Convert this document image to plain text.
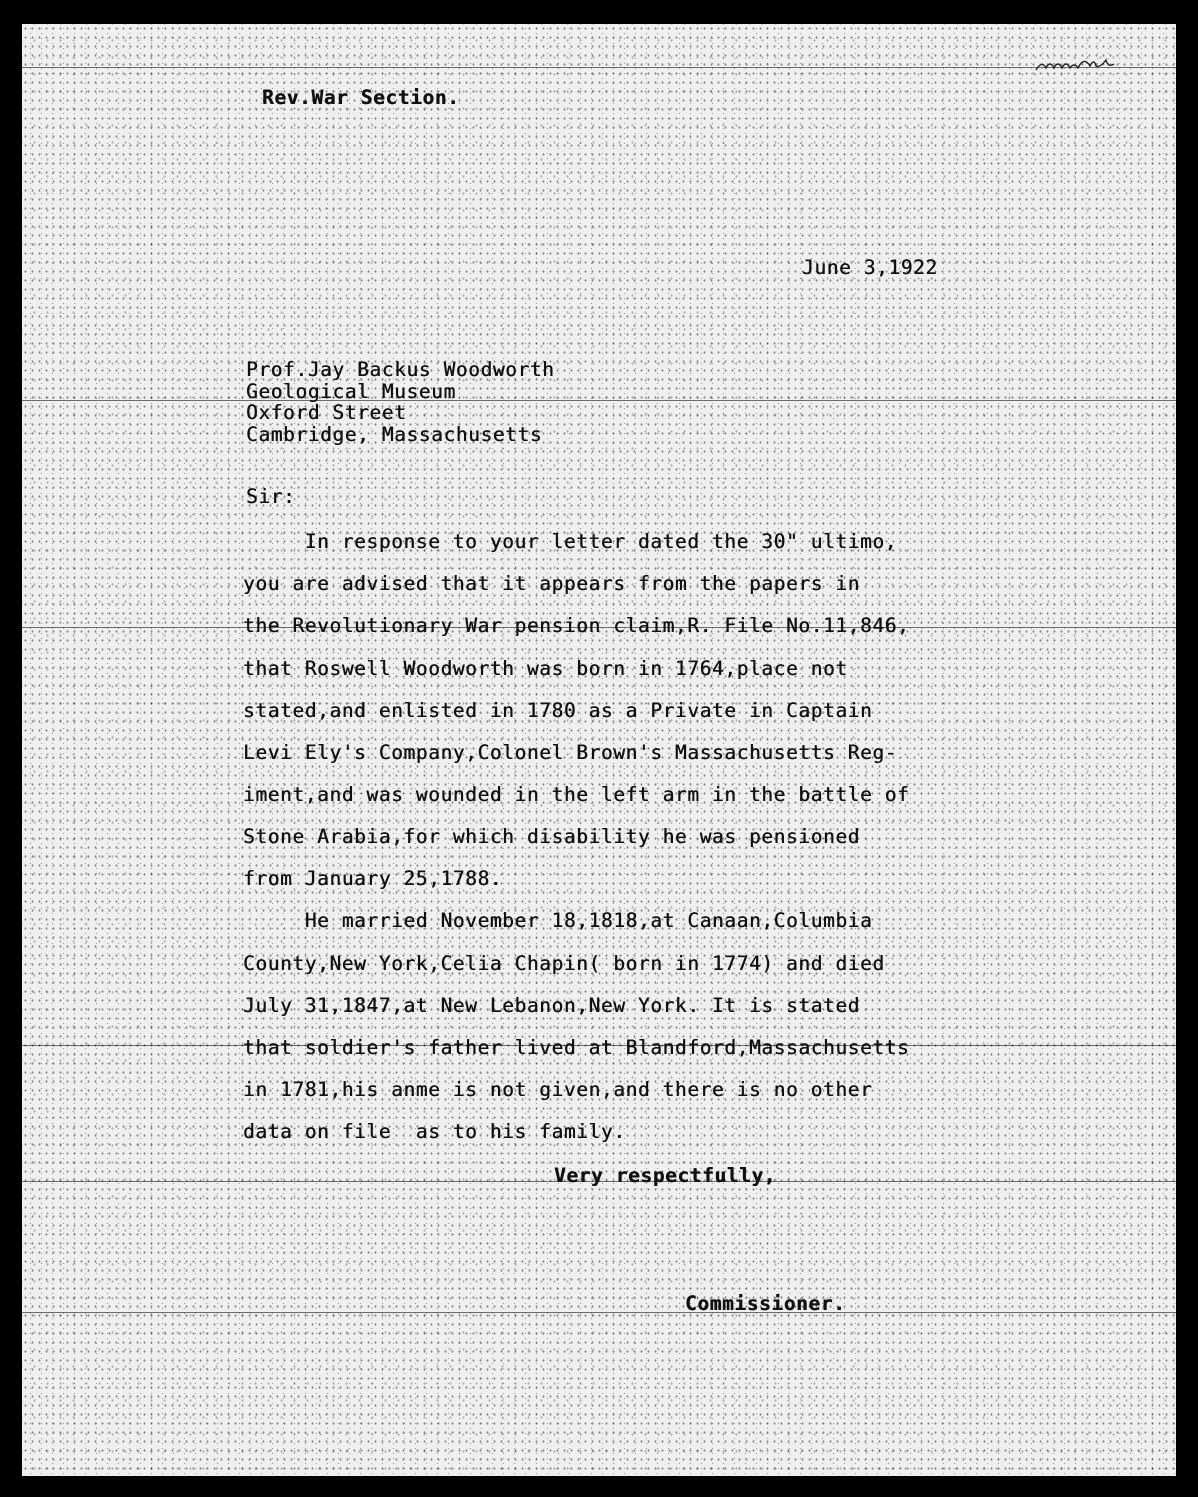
Rev.War Section.
June 3,1922
Prof.Jay Backus Woodworth
Geological Museum
Oxford Street
Cambridge, Massachusetts
Sir:
In response to your letter dated the 30" ultimo,
you are advised that it appears from the papers in
the Revolutionary War pension claim,R. File No.11,846,
that Roswell Woodworth was born in 1764,place not
stated,and enlisted in 1780 as a Private in Captain
Levi Ely's Company,Colonel Brown's Massachusetts Reg-
iment,and was wounded in the left arm in the battle of
Stone Arabia,for which disability he was pensioned
from January 25,1788.
He married November 18,1818,at Canaan,Columbia
County,New York,Celia Chapin( born in 1774) and died
July 31,1847,at New Lebanon,New York. It is stated
that soldier's father lived at Blandford,Massachusetts
in 1781,his anme is not given,and there is no other
data on file  as to his family.
Very respectfully,
Commissioner.
